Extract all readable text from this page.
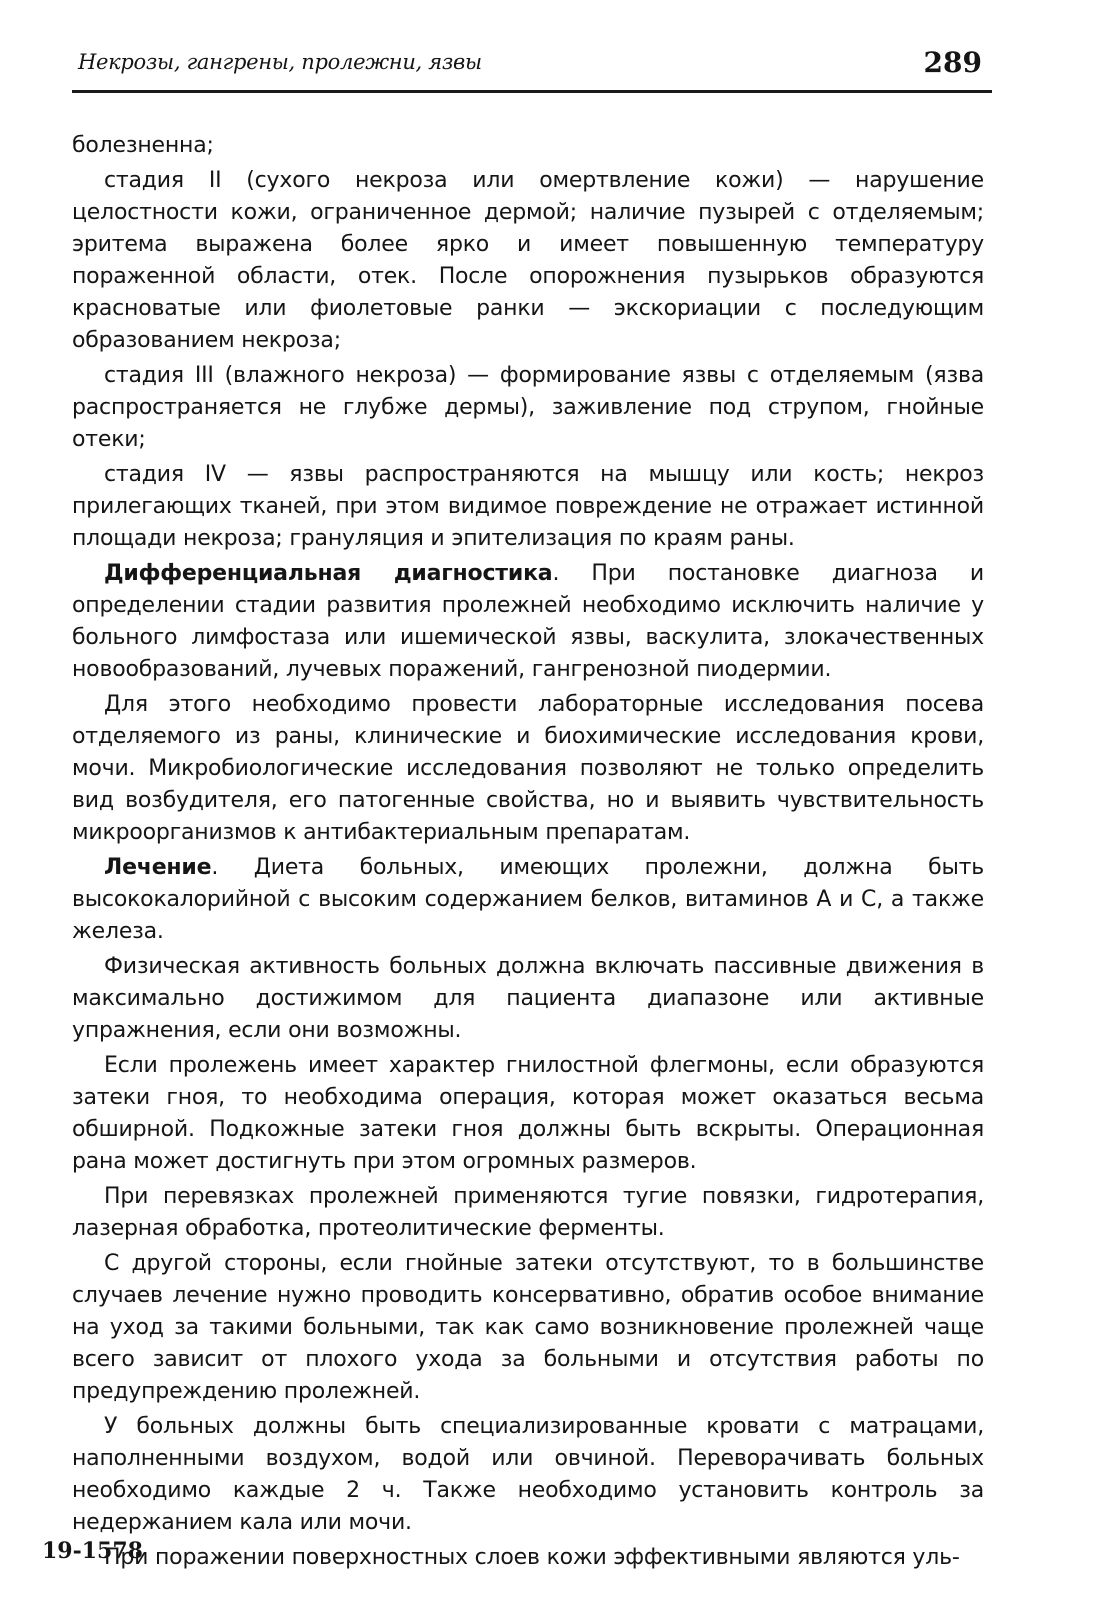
Некрозы, гангрены, пролежни, язвы	289

болезненна;

стадия II (сухого некроза или омертвление кожи) — нарушение целостности кожи, ограниченное дермой; наличие пузырей с отделяемым; эритема выражена более ярко и имеет повышенную температуру пораженной области, отек. После опорожнения пузырьков образуются красноватые или фиолетовые ранки — экскориации с последующим образованием некроза;

стадия III (влажного некроза) — формирование язвы с отделяемым (язва распространяется не глубже дермы), заживление под струпом, гнойные отеки;

стадия IV — язвы распространяются на мышцу или кость; некроз прилегающих тканей, при этом видимое повреждение не отражает истинной площади некроза; грануляция и эпителизация по краям раны.

Дифференциальная диагностика. При постановке диагноза и определении стадии развития пролежней необходимо исключить наличие у больного лимфостаза или ишемической язвы, васкулита, злокачественных новообразований, лучевых поражений, гангренозной пиодермии.

Для этого необходимо провести лабораторные исследования посева отделяемого из раны, клинические и биохимические исследования крови, мочи. Микробиологические исследования позволяют не только определить вид возбудителя, его патогенные свойства, но и выявить чувствительность микроорганизмов к антибактериальным препаратам.

Лечение. Диета больных, имеющих пролежни, должна быть высококалорийной с высоким содержанием белков, витаминов А и С, а также железа.

Физическая активность больных должна включать пассивные движения в максимально достижимом для пациента диапазоне или активные упражнения, если они возможны.

Если пролежень имеет характер гнилостной флегмоны, если образуются затеки гноя, то необходима операция, которая может оказаться весьма обширной. Подкожные затеки гноя должны быть вскрыты. Операционная рана может достигнуть при этом огромных размеров.

При перевязках пролежней применяются тугие повязки, гидротерапия, лазерная обработка, протеолитические ферменты.

С другой стороны, если гнойные затеки отсутствуют, то в большинстве случаев лечение нужно проводить консервативно, обратив особое внимание на уход за такими больными, так как само возникновение пролежней чаще всего зависит от плохого ухода за больными и отсутствия работы по предупреждению пролежней.

У больных должны быть специализированные кровати с матрацами, наполненными воздухом, водой или овчиной. Переворачивать больных необходимо каждые 2 ч. Также необходимо установить контроль за недержанием кала или мочи.

При поражении поверхностных слоев кожи эффективными являются уль-

19-1578
